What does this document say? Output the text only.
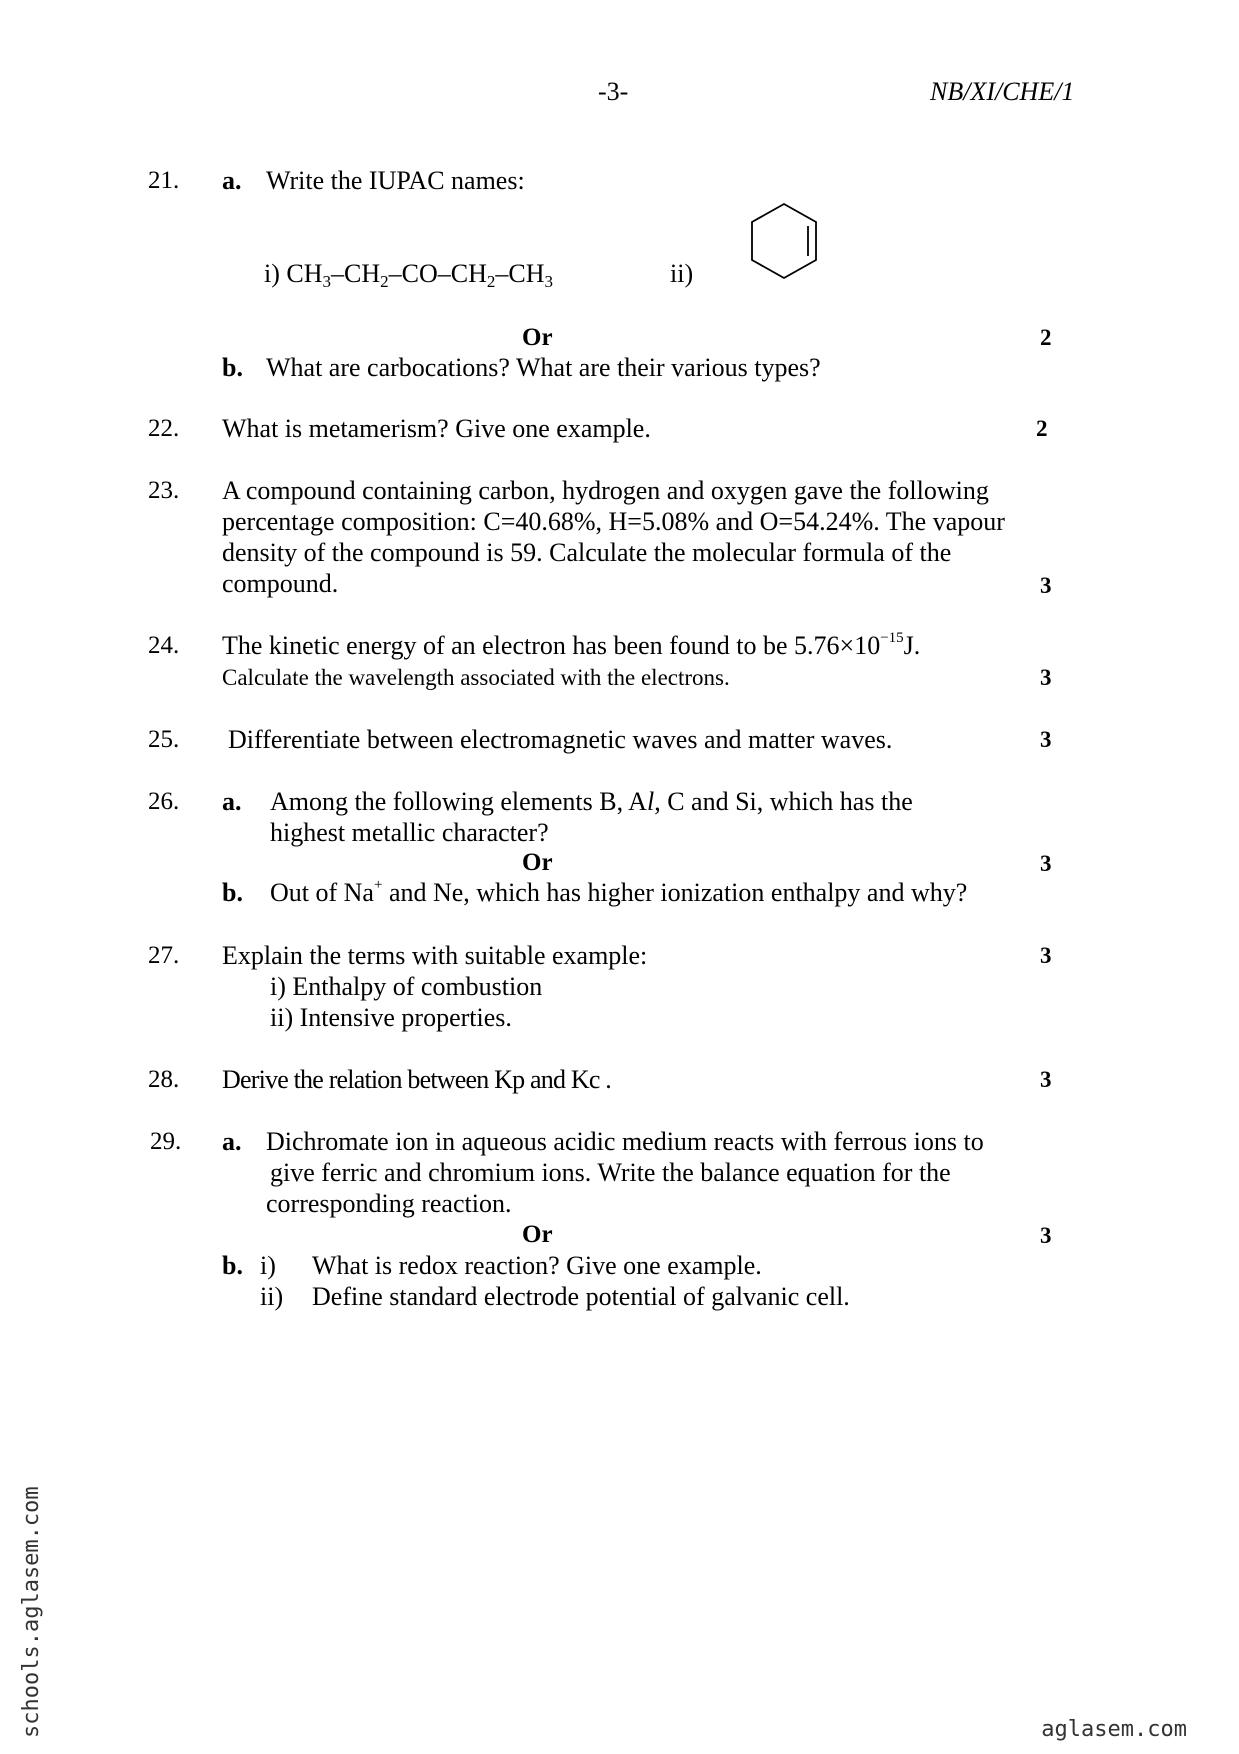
-3-	NB/XI/CHE/1
21. a. Write the IUPAC names:
i) $CH_3-CH_2-CO-CH_2-CH_3$	ii)
Or	2
b. What are carbocations? What are their various types?
22. What is metamerism? Give one example.	2
23. A compound containing carbon, hydrogen and oxygen gave the following
percentage composition: C=40.68%, H=5.08% and O=54.24%. The vapour
density of the compound is 59. Calculate the molecular formula of the
compound.	3
24. The kinetic energy of an electron has been found to be $5.76\times 10^{-15}J$.
Calculate the wavelength associated with the electrons.	3
25. Differentiate between electromagnetic waves and matter waves.	3
26. a. Among the following elements B, Al, C and Si, which has the
highest metallic character?
Or	3
b. Out of Na+ and Ne, which has higher ionization enthalpy and why?
27. Explain the terms with suitable example:	3
i) Enthalpy of combustion
ii) Intensive properties.
28. Derive the relation between Kp and Kc .	3
29. a. Dichromate ion in aqueous acidic medium reacts with ferrous ions to
give ferric and chromium ions. Write the balance equation for the
corresponding reaction.
Or	3
b. i) What is redox reaction? Give one example.
ii) Define standard electrode potential of galvanic cell.
schools.aglasem.com	aglasem.com
